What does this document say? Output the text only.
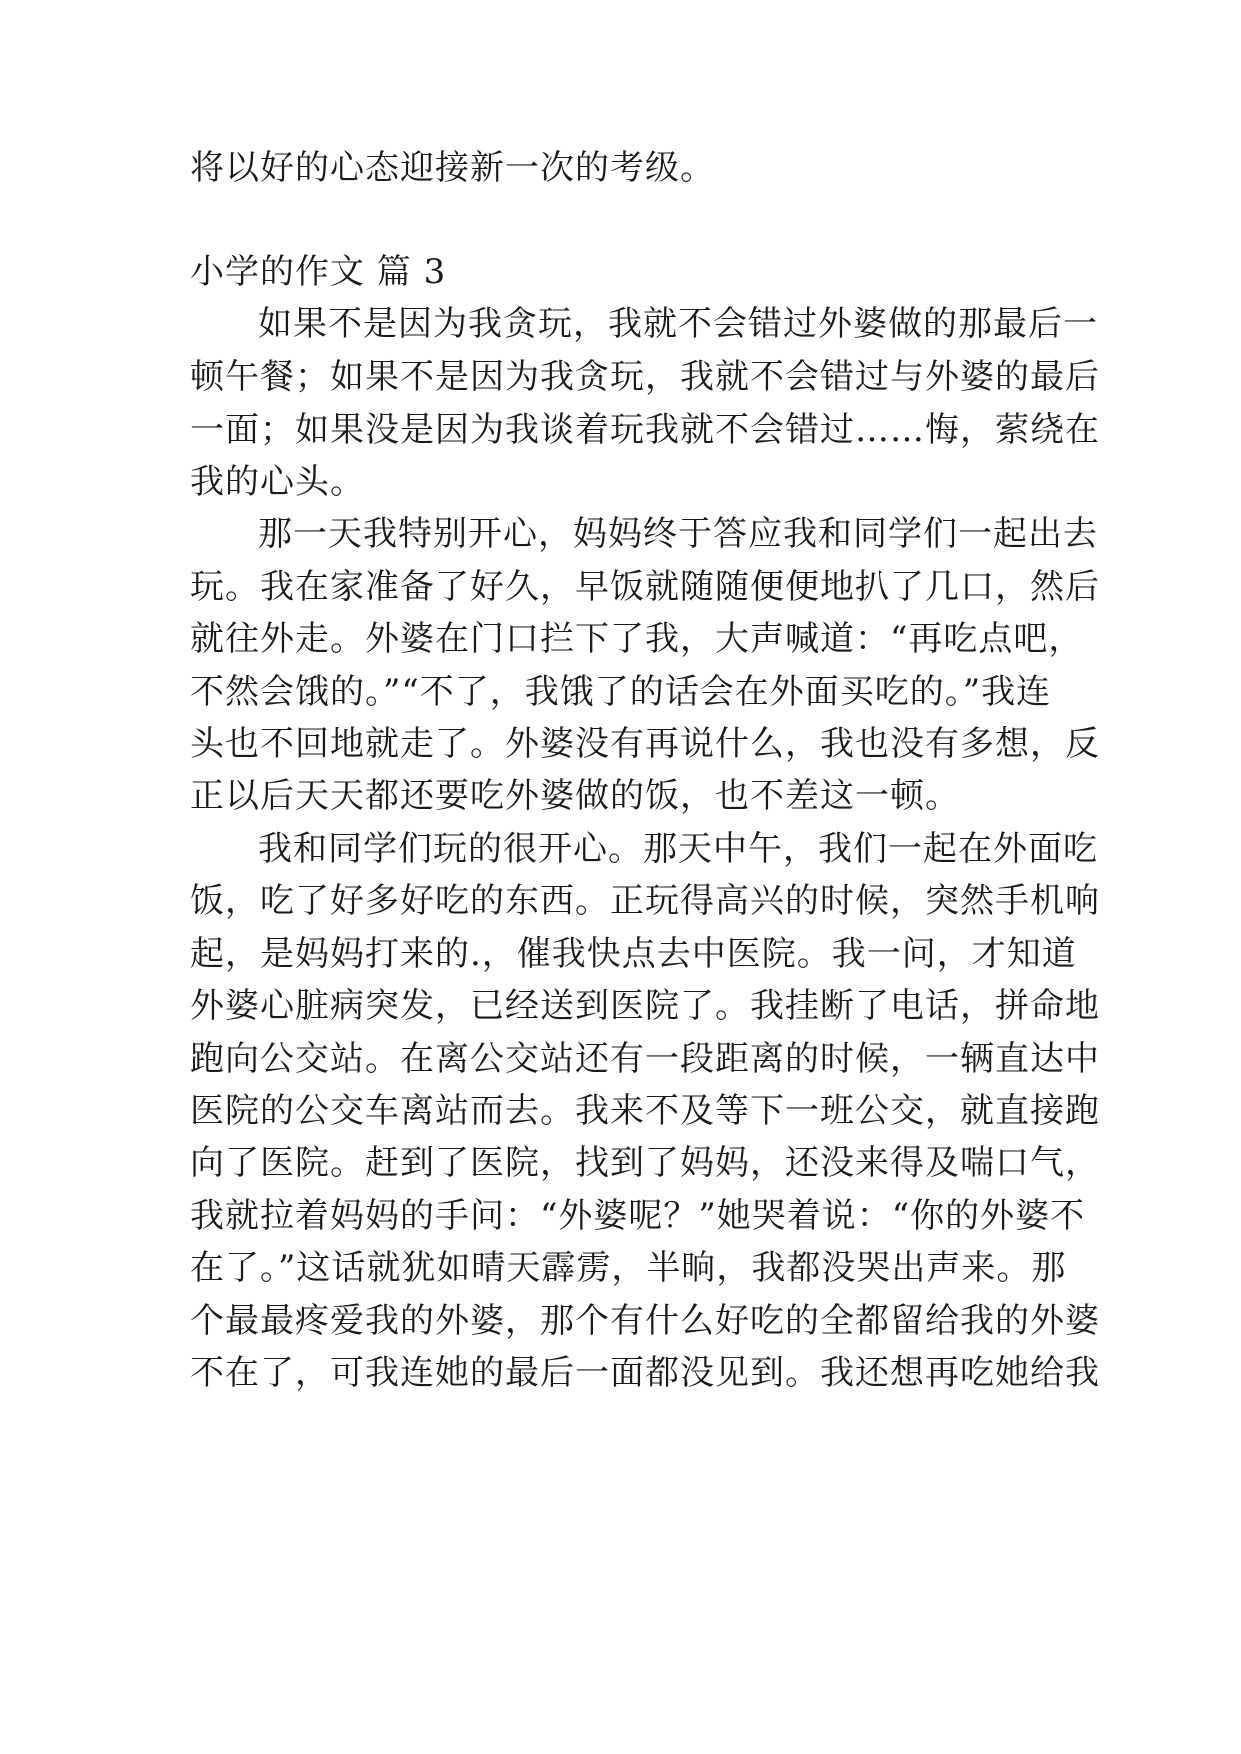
将以好的心态迎接新一次的考级。
小学的作文 篇 3
如果不是因为我贪玩，我就不会错过外婆做的那最后一
顿午餐；如果不是因为我贪玩，我就不会错过与外婆的最后
一面；如果没是因为我谈着玩我就不会错过……悔，萦绕在
我的心头。
那一天我特别开心，妈妈终于答应我和同学们一起出去
玩。我在家准备了好久，早饭就随随便便地扒了几口，然后
就往外走。外婆在门口拦下了我，大声喊道：“再吃点吧，
不然会饿的。”“不了，我饿了的话会在外面买吃的。”我连
头也不回地就走了。外婆没有再说什么，我也没有多想，反
正以后天天都还要吃外婆做的饭，也不差这一顿。
我和同学们玩的很开心。那天中午，我们一起在外面吃
饭，吃了好多好吃的东西。正玩得高兴的时候，突然手机响
起，是妈妈打来的.，催我快点去中医院。我一问，才知道
外婆心脏病突发，已经送到医院了。我挂断了电话，拼命地
跑向公交站。在离公交站还有一段距离的时候，一辆直达中
医院的公交车离站而去。我来不及等下一班公交，就直接跑
向了医院。赶到了医院，找到了妈妈，还没来得及喘口气，
我就拉着妈妈的手问：“外婆呢？”她哭着说：“你的外婆不
在了。”这话就犹如晴天霹雳，半晌，我都没哭出声来。那
个最最疼爱我的外婆，那个有什么好吃的全都留给我的外婆
不在了，可我连她的最后一面都没见到。我还想再吃她给我
